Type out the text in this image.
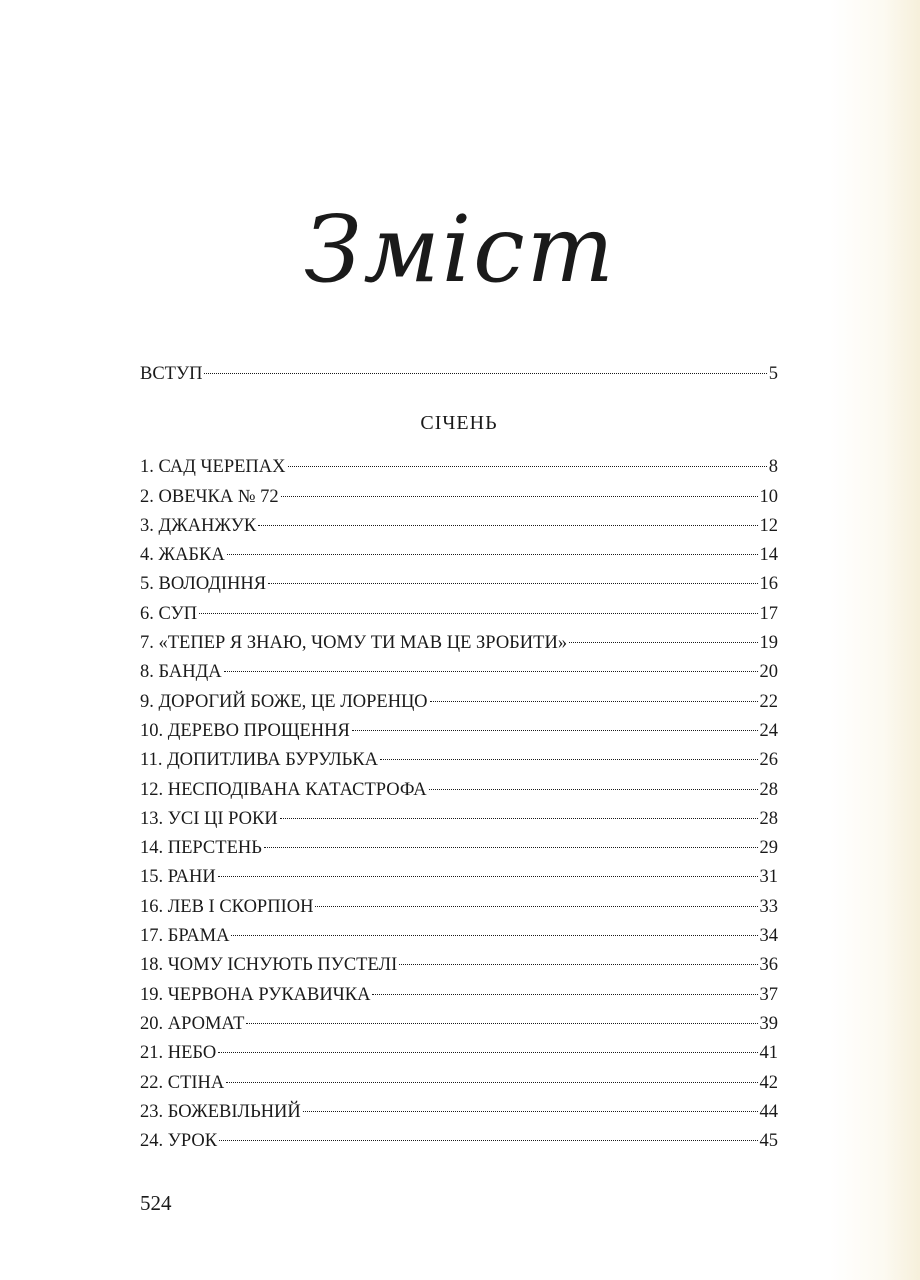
Зміст
ВСТУП	5
СІЧЕНЬ
1. САД ЧЕРЕПАХ	8
2. ОВЕЧКА № 72	10
3. ДЖАНЖУК	12
4. ЖАБКА	14
5. ВОЛОДІННЯ	16
6. СУП	17
7. «ТЕПЕР Я ЗНАЮ, ЧОМУ ТИ МАВ ЦЕ ЗРОБИТИ»	19
8. БАНДА	20
9. ДОРОГИЙ БОЖЕ, ЦЕ ЛОРЕНЦО	22
10. ДЕРЕВО ПРОЩЕННЯ	24
11. ДОПИТЛИВА БУРУЛЬКА	26
12. НЕСПОДІВАНА КАТАСТРОФА	28
13. УСІ ЦІ РОКИ	28
14. ПЕРСТЕНЬ	29
15. РАНИ	31
16. ЛЕВ І СКОРПІОН	33
17. БРАМА	34
18. ЧОМУ ІСНУЮТЬ ПУСТЕЛІ	36
19. ЧЕРВОНА РУКАВИЧКА	37
20. АРОМАТ	39
21. НЕБО	41
22. СТІНА	42
23. БОЖЕВІЛЬНИЙ	44
24. УРОК	45
524
